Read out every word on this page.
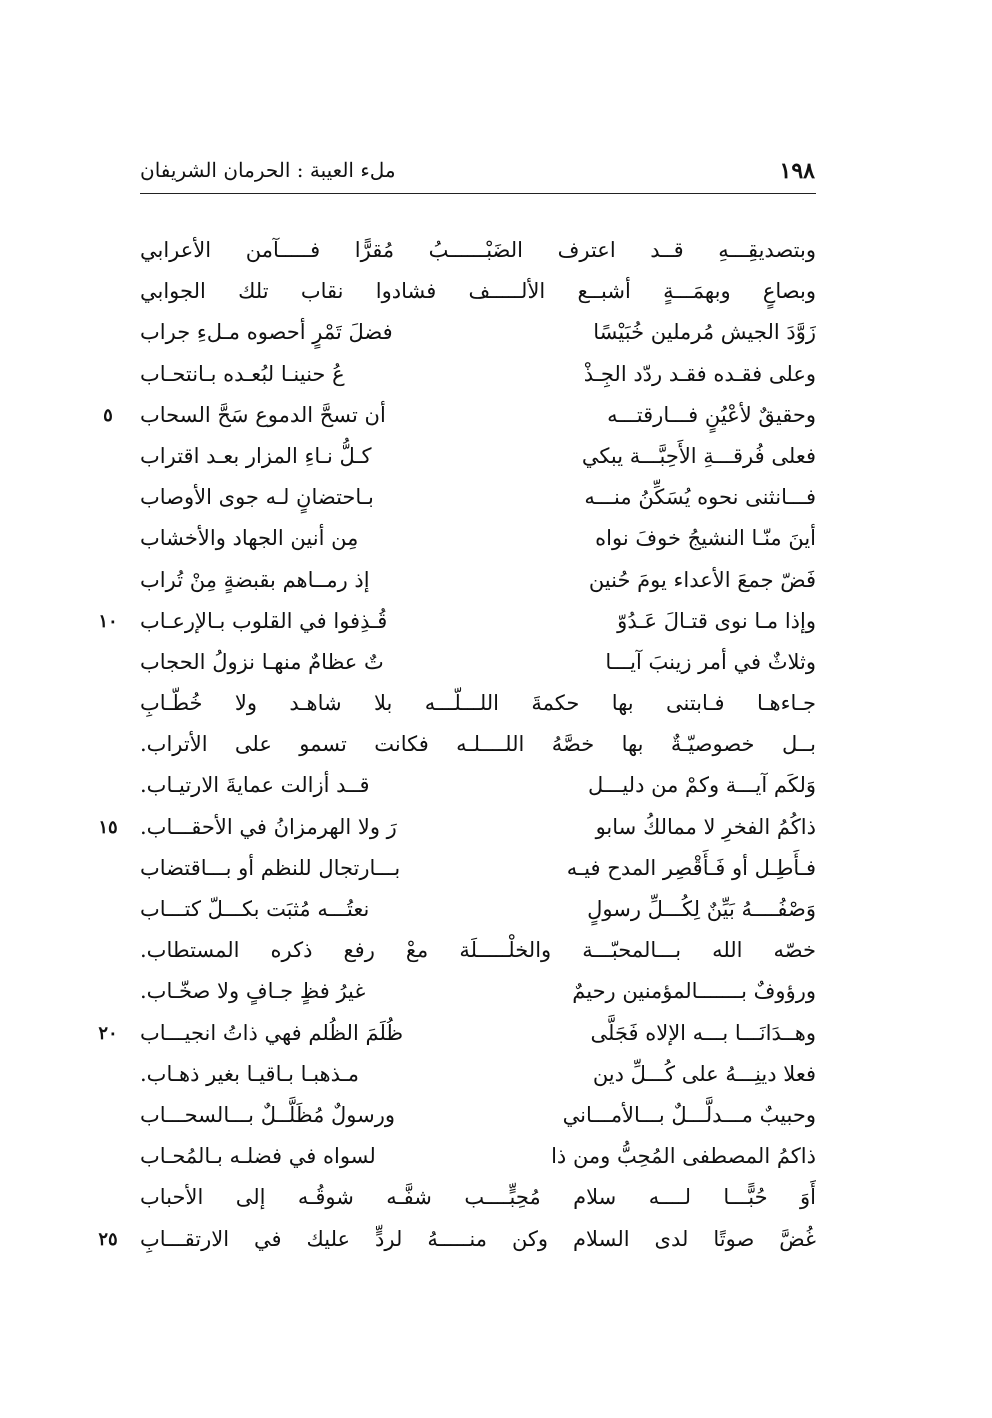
١٩٨
ملء العيبة : الحرمان الشريفان
وبتصديقِـــهِ قــد اعترف الضَبْــــــبُ مُقرًّا فـــــآمن الأعرابي
وبصاعٍ وبهمَـــةٍ أشبــع الألـــــف فشادوا نقاب تلك الجوابي
زَوَّدَ الجيش مُرملين خُبَيْسًا
فضلَ تَمْرٍ أحصوه مـلءِ جراب
وعلى فقـده فقـد ردّد الجِـذْ
عُ حنينـا لبُعـده بـانتحـاب
وحقيقٌ لأعْيُنٍ فـــارقتـــه
أن تسحَّ الدموع سَحَّ السحاب
٥
فعلى فُرقـــةِ الأَحِبَّـــة يبكي
كـلُّ نـاءِ المزار بعـد اقتراب
فـــانثنى نحوه يُسَكِّنُ منـــه
بـاحتضانٍ لـه جوى الأوصاب
أينَ منّـا النشيجُ خوفَ نواه
مِن أنين الجهاد والأخشاب
فَضّ جمعَ الأعداء يومَ حُنين
إذ رمــاهم بقبضةٍ مِنْ تُراب
وإذا مـا نوى قتـالَ عَـدُوّ
قُـذِفوا في القلوب بـالإرعـاب
١٠
وثلاثٌ في أمر زينبَ آيـــا
تٌ عظامٌ منهـا نزولُ الحجاب
جـاءهـا فـابتنى بها حكمةَ اللـــلّـــه بلا شاهـد ولا خُطّـابِ
بــل خصوصيّـةٌ بها خصَّهُ اللــــلـه فكانت تسمو على الأتراب.
وَلكَم آيـــة وكمْ من دليـــل
قــد أزالت عمايةَ الارتيـاب.
ذاكُمُ الفخرِ لا ممالكُ سابو
رَ ولا الهرمزانُ في الأحقـــاب.
١٥
فـأَطِـل أو فَـأَقْصِر المدح فيـه
بـــارتجال للنظم أو بـــاقتضاب
وَصْفُــــهُ بَيِّنٌ لِكُـــلِّ رسولٍ
نعتُـــه مُثبَت بكـــلّ كتـــاب
خصّه الله بـــالمحبّـــة والخلْـــــلَة معْ رفع ذكره المستطاب.
ورؤوفٌ بـــــــالمؤمنين رحيمٌ
غيرُ فظٍ جـافٍ ولا صخّـاب.
وهــدَانَـــا بـــه الإلاه فَجَلَّى
ظُلَمَ الظُلم فهي ذاتُ انجيـــاب
٢٠
فعلا دينِـــهُ على كُـــلِّ دين
مـذهبـا بـاقيـا بغير ذهـاب.
وحبيبٌ مـــدلَّـــلٌ بـــالأمـــاني
ورسولٌ مُظَلَّــلٌ بـــالسحـــاب
ذاكمُ المصطفى المُحِبُّ ومن ذا
لسواه في فضلـه بـالمُحـاب
أَوَ حُبًّـــا لــــه سلام مُحِبٍّــــب شفَّـه شوقُـه إلى الأحباب
غُضَّ صوتًا لدى السلام وكن منـــــهُ لردٍّ عليك في الارتقـــابِ
٢٥
